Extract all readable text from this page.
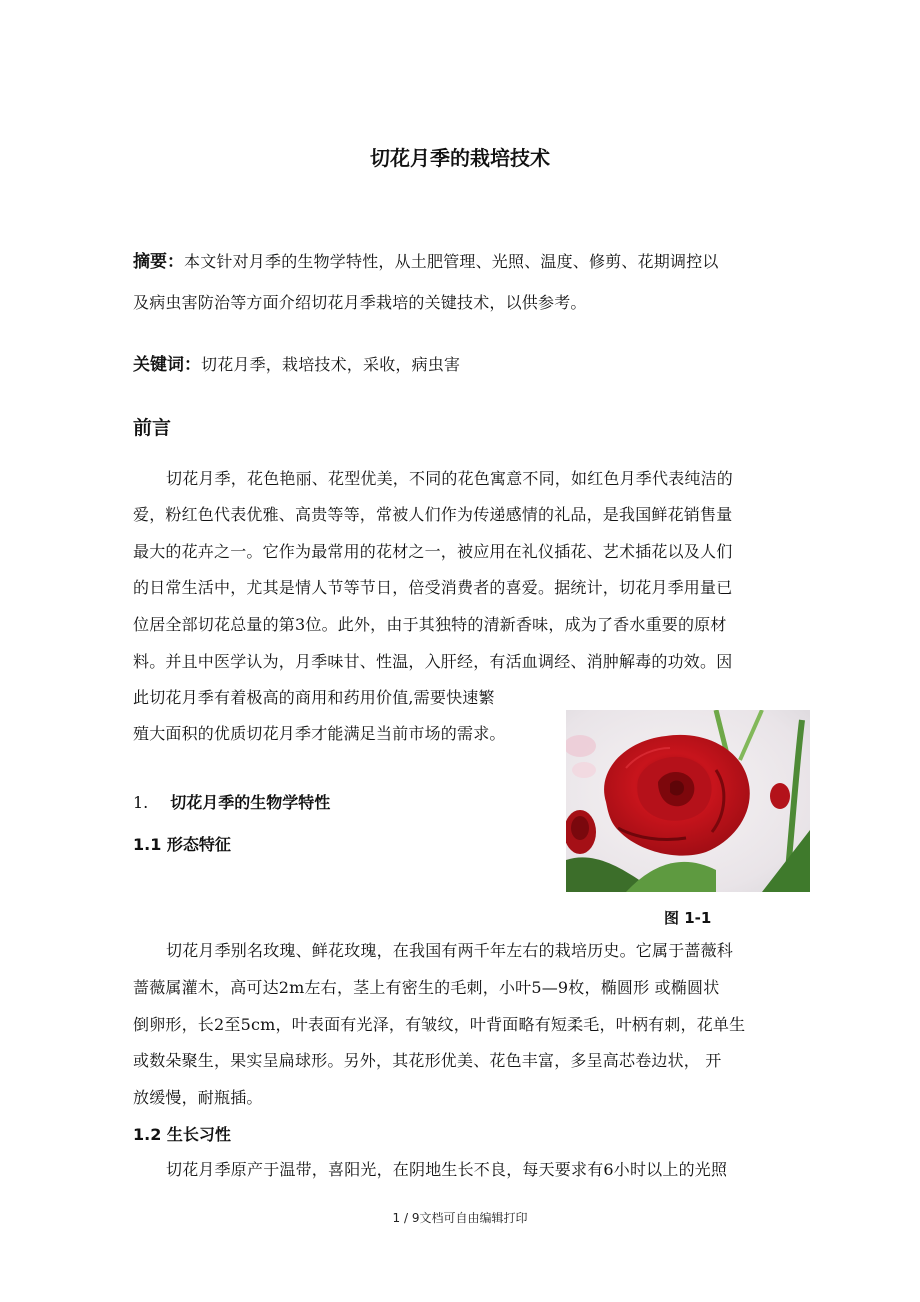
切花月季的栽培技术
摘要：本文针对月季的生物学特性，从土肥管理、光照、温度、修剪、花期调控以
及病虫害防治等方面介绍切花月季栽培的关键技术，以供参考。
关键词：切花月季，栽培技术，采收，病虫害
前言
切花月季，花色艳丽、花型优美，不同的花色寓意不同，如红色月季代表纯洁的
爱，粉红色代表优雅、高贵等等，常被人们作为传递感情的礼品，是我国鲜花销售量
最大的花卉之一。它作为最常用的花材之一，被应用在礼仪插花、艺术插花以及人们
的日常生活中，尤其是情人节等节日，倍受消费者的喜爱。据统计，切花月季用量已
位居全部切花总量的第3位。此外，由于其独特的清新香味，成为了香水重要的原材
料。并且中医学认为，月季味甘、性温，入肝经，有活血调经、消肿解毒的功效。因
此切花月季有着极高的商用和药用价值,需要快速繁
殖大面积的优质切花月季才能满足当前市场的需求。
1. 切花月季的生物学特性
1.1 形态特征
图 1-1
切花月季别名玫瑰、鲜花玫瑰，在我国有两千年左右的栽培历史。它属于蔷薇科
蔷薇属灌木，高可达2m左右，茎上有密生的毛刺，小叶5—9枚，椭圆形 或椭圆状
倒卵形，长2至5cm，叶表面有光泽，有皱纹，叶背面略有短柔毛，叶柄有刺，花单生
或数朵聚生，果实呈扁球形。另外，其花形优美、花色丰富，多呈高芯卷边状， 开
放缓慢，耐瓶插。
1.2 生长习性
切花月季原产于温带，喜阳光，在阴地生长不良，每天要求有6小时以上的光照
1 / 9文档可自由编辑打印
